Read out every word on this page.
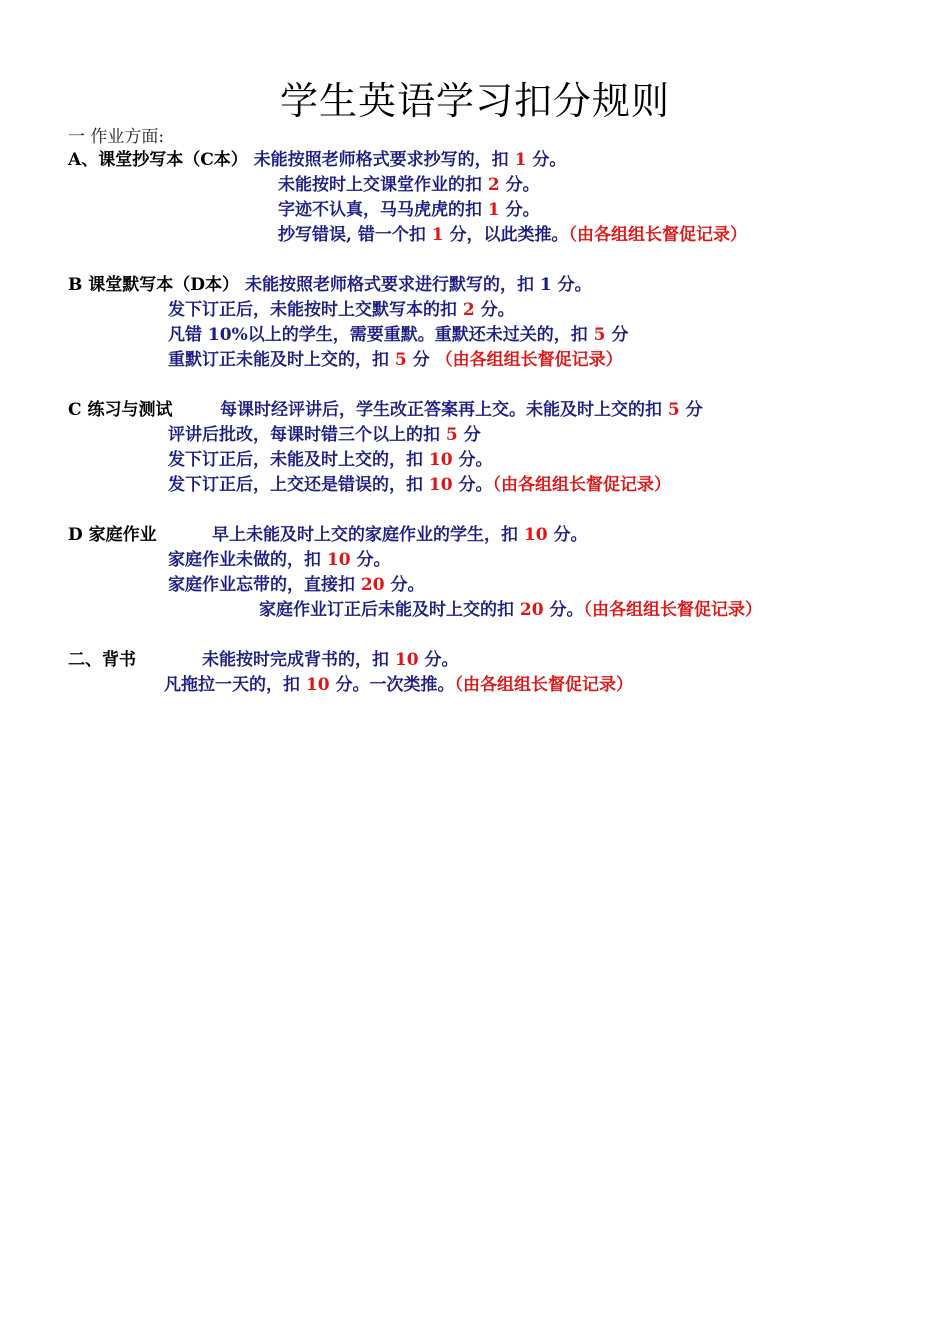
学生英语学习扣分规则
一 作业方面:
A、课堂抄写本（C本） 未能按照老师格式要求抄写的，扣 1 分。
未能按时上交课堂作业的扣 2 分。
字迹不认真，马马虎虎的扣 1 分。
抄写错误, 错一个扣 1 分，以此类推。（由各组组长督促记录）
B 课堂默写本（D本） 未能按照老师格式要求进行默写的，扣 1 分。
发下订正后，未能按时上交默写本的扣 2 分。
凡错 10%以上的学生，需要重默。重默还未过关的，扣 5 分
重默订正未能及时上交的，扣 5 分 （由各组组长督促记录）
C 练习与测试	每课时经评讲后，学生改正答案再上交。未能及时上交的扣 5 分
评讲后批改，每课时错三个以上的扣 5 分
发下订正后，未能及时上交的，扣 10 分。
发下订正后，上交还是错误的，扣 10 分。（由各组组长督促记录）
D 家庭作业	早上未能及时上交的家庭作业的学生，扣 10 分。
家庭作业未做的，扣 10 分。
家庭作业忘带的，直接扣 20 分。
家庭作业订正后未能及时上交的扣 20 分。（由各组组长督促记录）
二、背书	未能按时完成背书的，扣 10 分。
凡拖拉一天的，扣 10 分。一次类推。（由各组组长督促记录）
